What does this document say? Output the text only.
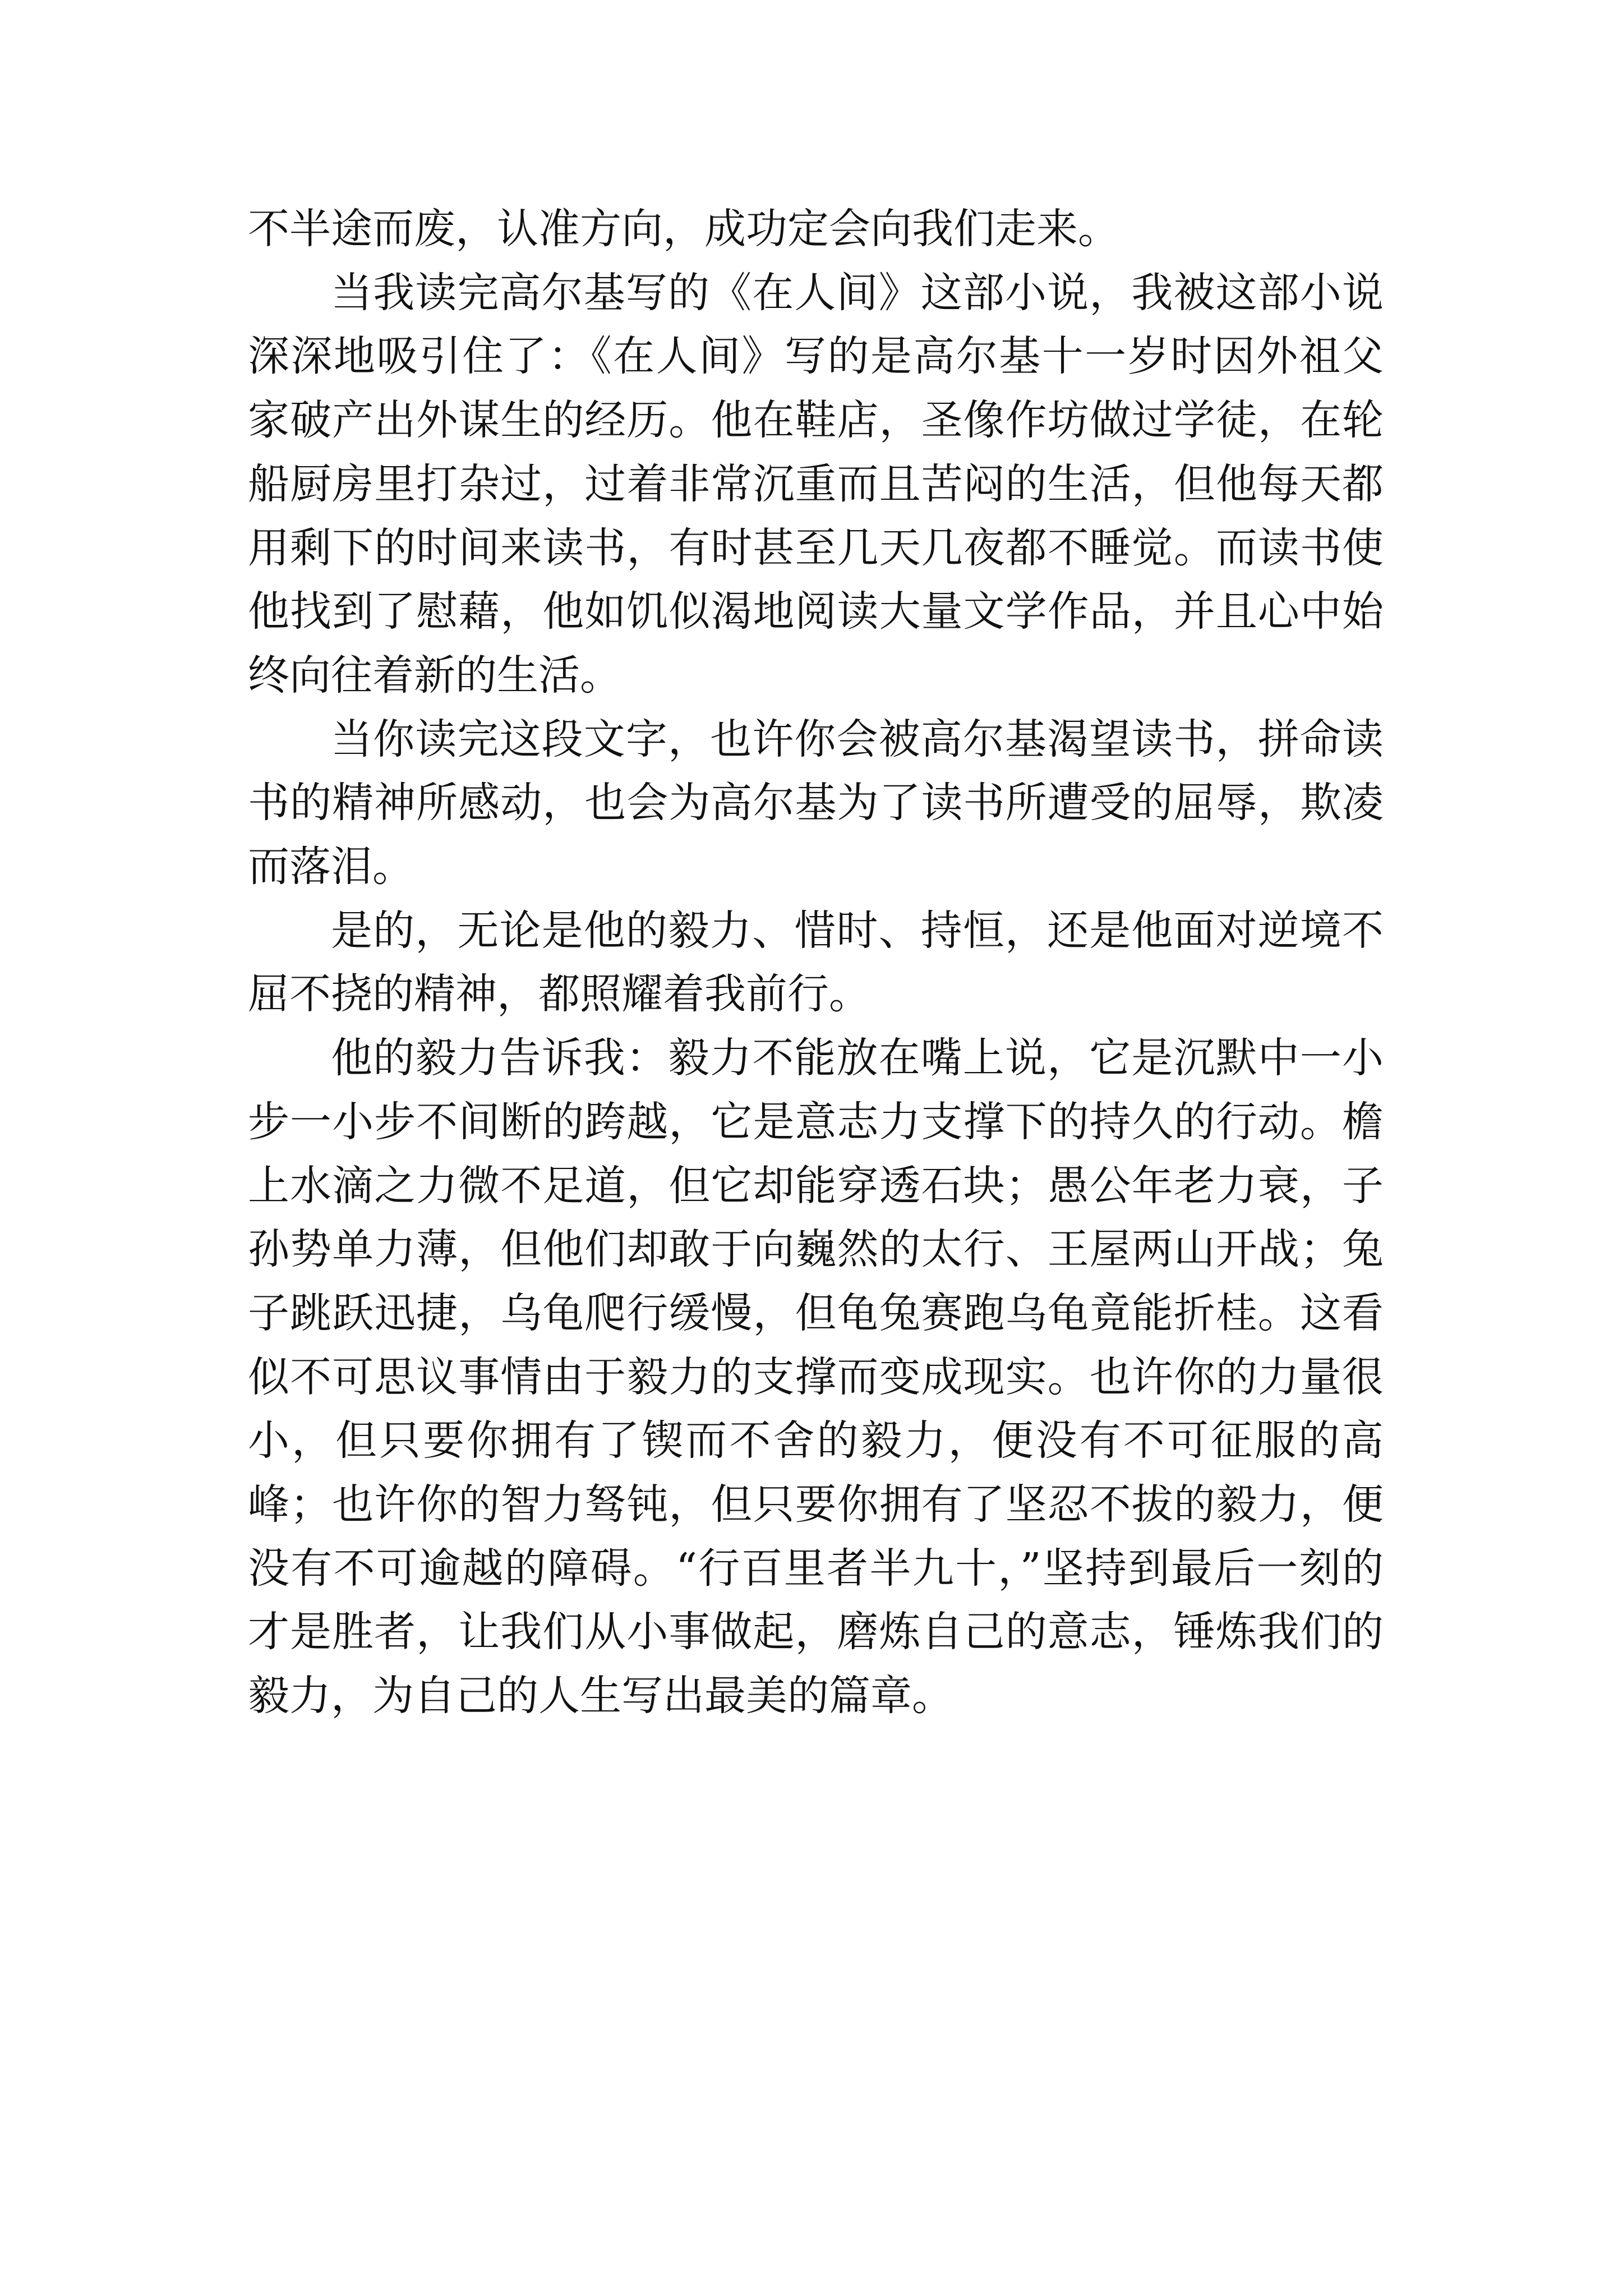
不半途而废，认准方向，成功定会向我们走来。

当我读完高尔基写的《在人间》这部小说，我被这部小说深深地吸引住了：《在人间》写的是高尔基十一岁时因外祖父家破产出外谋生的经历。他在鞋店，圣像作坊做过学徒，在轮船厨房里打杂过，过着非常沉重而且苦闷的生活，但他每天都用剩下的时间来读书，有时甚至几天几夜都不睡觉。而读书使他找到了慰藉，他如饥似渴地阅读大量文学作品，并且心中始终向往着新的生活。

当你读完这段文字，也许你会被高尔基渴望读书，拼命读书的精神所感动，也会为高尔基为了读书所遭受的屈辱，欺凌而落泪。

是的，无论是他的毅力、惜时、持恒，还是他面对逆境不屈不挠的精神，都照耀着我前行。

他的毅力告诉我：毅力不能放在嘴上说，它是沉默中一小步一小步不间断的跨越，它是意志力支撑下的持久的行动。檐上水滴之力微不足道，但它却能穿透石块；愚公年老力衰，子孙势单力薄，但他们却敢于向巍然的太行、王屋两山开战；兔子跳跃迅捷，乌龟爬行缓慢，但龟兔赛跑乌龟竟能折桂。这看似不可思议事情由于毅力的支撑而变成现实。也许你的力量很小，但只要你拥有了锲而不舍的毅力，便没有不可征服的高峰；也许你的智力驽钝，但只要你拥有了坚忍不拔的毅力，便没有不可逾越的障碍。“行百里者半九十，”坚持到最后一刻的才是胜者，让我们从小事做起，磨炼自己的意志，锤炼我们的毅力，为自己的人生写出最美的篇章。
